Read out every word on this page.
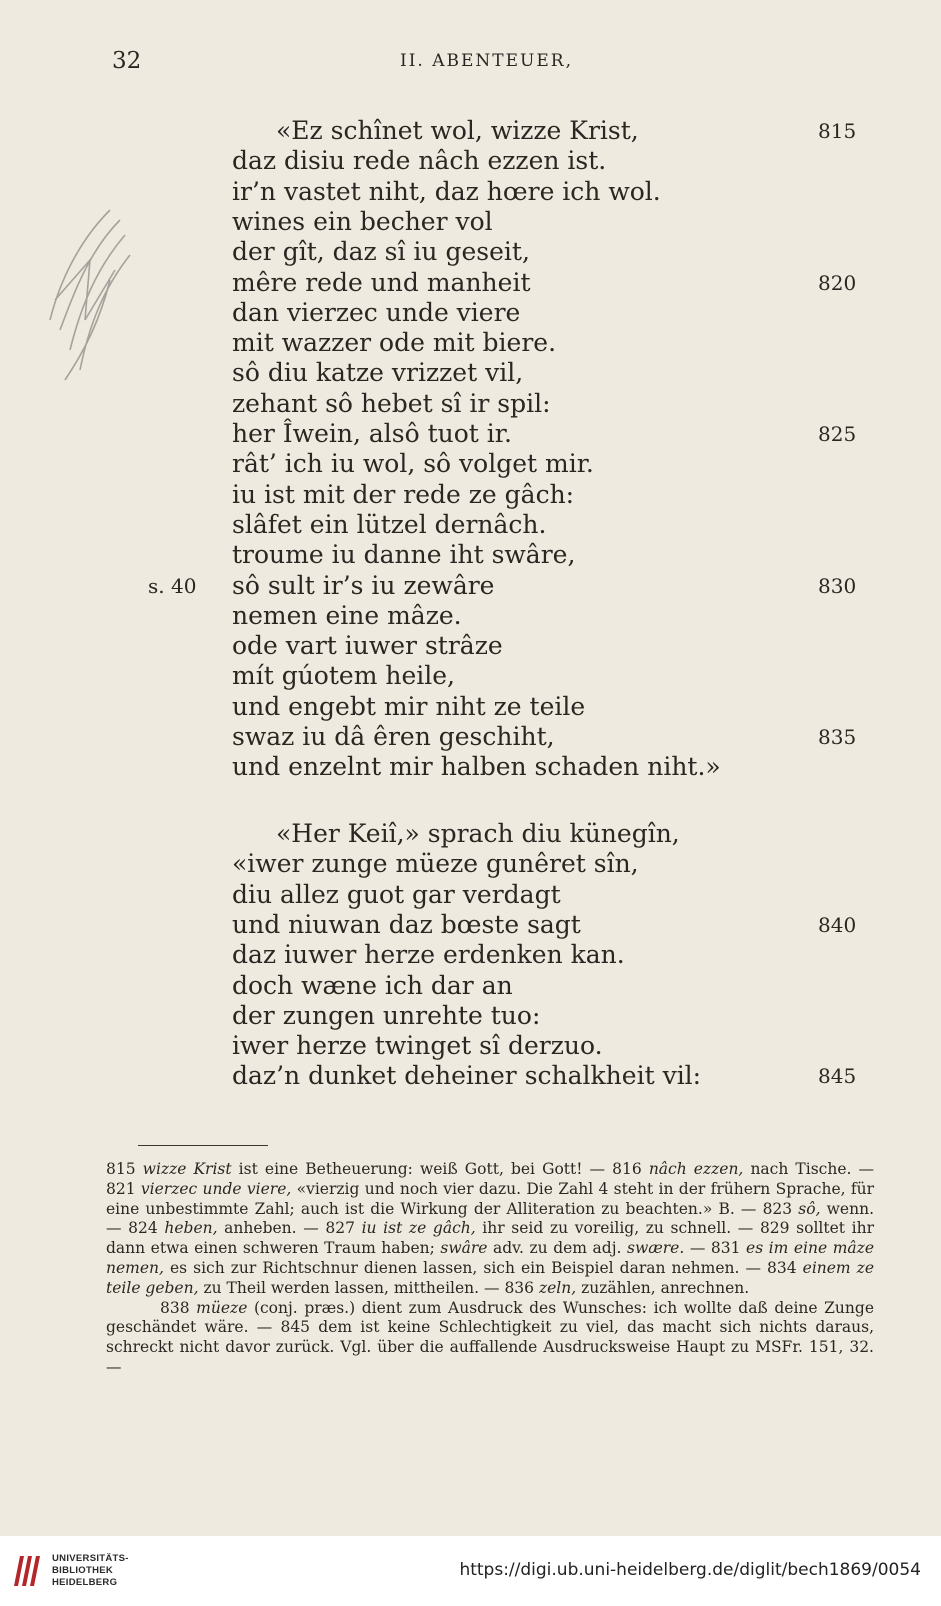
32	II. ABENTEUER,
«Ez schînet wol, wizze Krist,	815
daz disiu rede nâch ezzen ist.
ir’n vastet niht, daz hœre ich wol.
wines ein becher vol
der gît, daz sî iu geseit,
mêre rede und manheit	820
dan vierzec unde viere
mit wazzer ode mit biere.
sô diu katze vrizzet vil,
zehant sô hebet sî ir spil:
her Îwein, alsô tuot ir.	825
rât’ ich iu wol, sô volget mir.
iu ist mit der rede ze gâch:
slâfet ein lützel dernâch.
troume iu danne iht swâre,
sô sult ir’s iu zewâre	830
s. 40
nemen eine mâze.
ode vart iuwer strâze
mít gúotem heile,
und engebt mir niht ze teile
swaz iu dâ êren geschiht,	835
und enzelnt mir halben schaden niht.»
«Her Keiî,» sprach diu künegîn,
«iwer zunge müeze gunêret sîn,
diu allez guot gar verdagt
und niuwan daz bœste sagt	840
daz iuwer herze erdenken kan.
doch wæne ich dar an
der zungen unrehte tuo:
iwer herze twinget sî derzuo.
daz’n dunket deheiner schalkheit vil:	845

815 wizze Krist ist eine Betheuerung: weiß Gott, bei Gott! — 816 nâch ezzen, nach Tische. — 821 vierzec unde viere, «vierzig und noch vier dazu. Die Zahl 4 steht in der frühern Sprache, für eine unbestimmte Zahl; auch ist die Wirkung der Alliteration zu beachten.» B. — 823 sô, wenn. — 824 heben, anheben. — 827 iu ist ze gâch, ihr seid zu voreilig, zu schnell. — 829 solltet ihr dann etwa einen schweren Traum haben; swâre adv. zu dem adj. swære. — 831 es im eine mâze nemen, es sich zur Richtschnur dienen lassen, sich ein Beispiel daran nehmen. — 834 einem ze teile geben, zu Theil werden lassen, mittheilen. — 836 zeln, zuzählen, anrechnen.

838 müeze (conj. præs.) dient zum Ausdruck des Wunsches: ich wollte daß deine Zunge geschändet wäre. — 845 dem ist keine Schlechtigkeit zu viel, das macht sich nichts daraus, schreckt nicht davor zurück. Vgl. über die auffallende Ausdrucksweise Haupt zu MSFr. 151, 32. —

UNIVERSITÄTS-
BIBLIOTHEK
HEIDELBERG
https://digi.ub.uni-heidelberg.de/diglit/bech1869/0054
